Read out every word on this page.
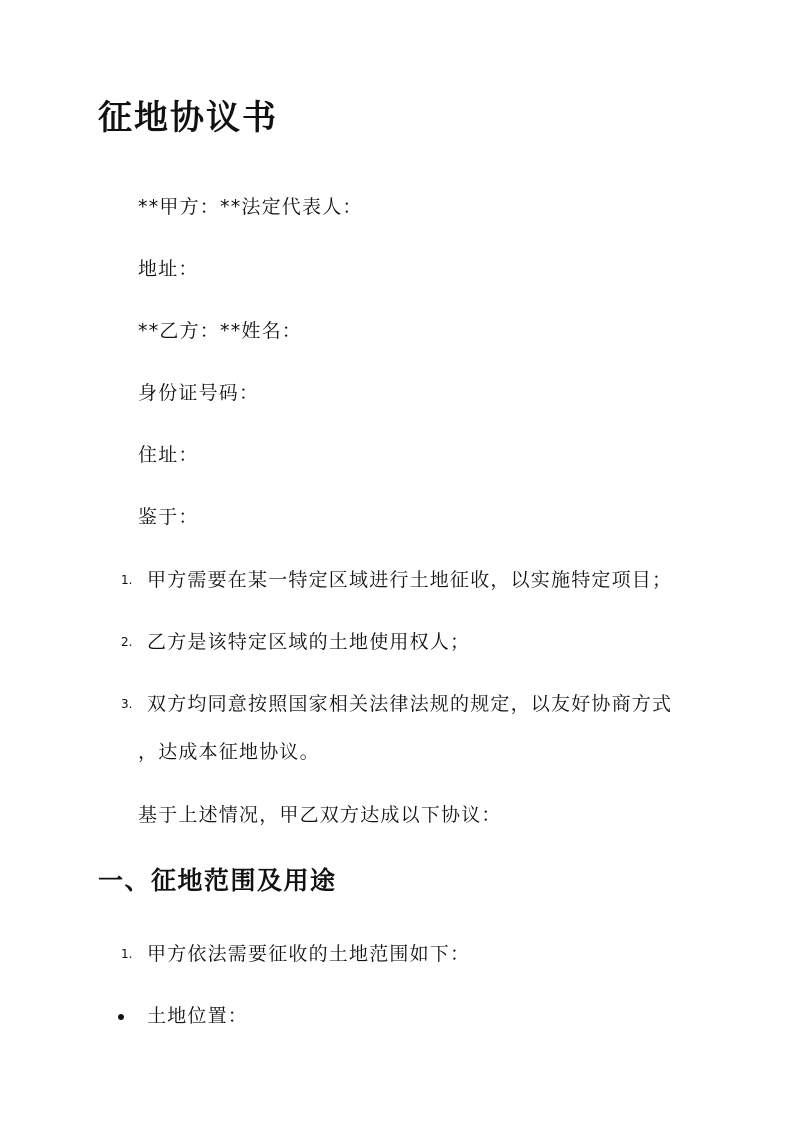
征地协议书

**甲方：**法定代表人：

地址：

**乙方：**姓名：

身份证号码：

住址：

鉴于：

1. 甲方需要在某一特定区域进行土地征收，以实施特定项目；
2. 乙方是该特定区域的土地使用权人；
3. 双方均同意按照国家相关法律法规的规定，以友好协商方式
，达成本征地协议。

基于上述情况，甲乙双方达成以下协议：

一、征地范围及用途
1. 甲方依法需要征收的土地范围如下：
土地位置：
